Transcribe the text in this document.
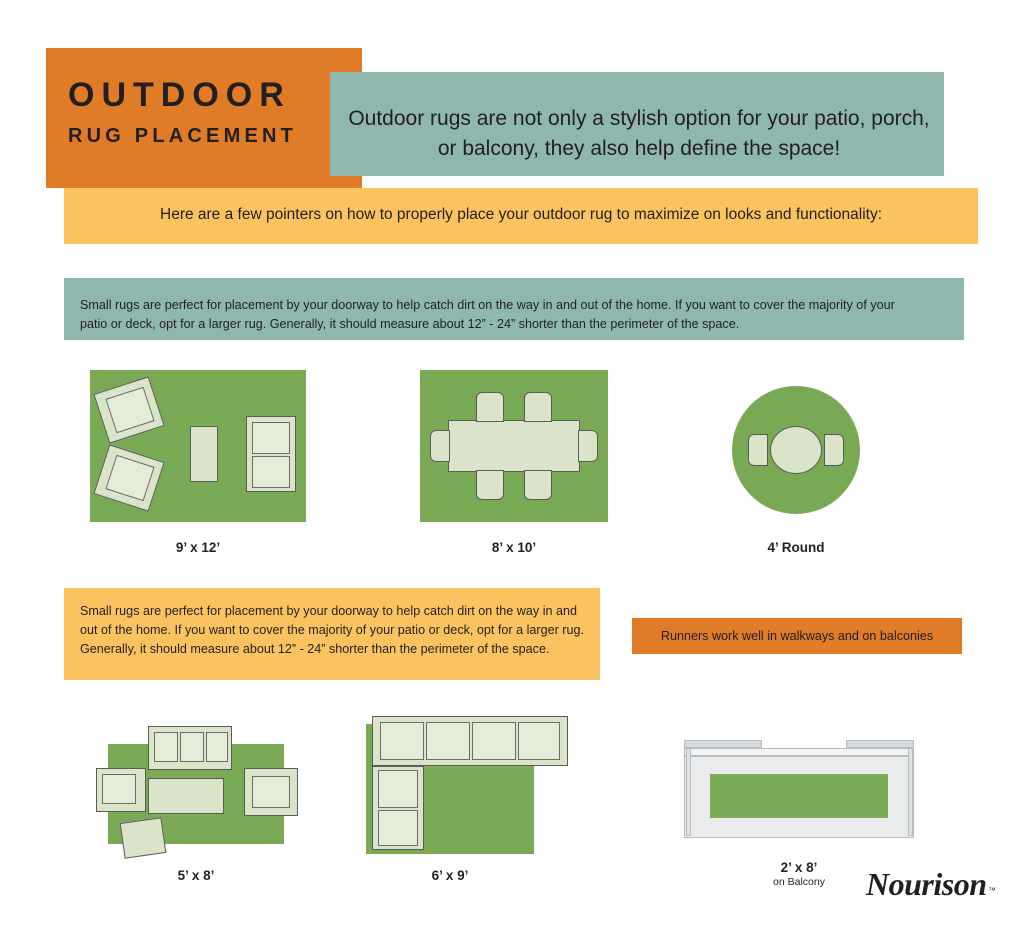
OUTDOOR
RUG PLACEMENT
Outdoor rugs are not only a stylish option for your patio, porch, or balcony, they also help define the space!
Here are a few pointers on how to properly place your outdoor rug to maximize on looks and functionality:
Small rugs are perfect for placement by your doorway to help catch dirt on the way in and out of the home. If you want to cover the majority of your patio or deck, opt for a larger rug. Generally, it should measure about 12” - 24” shorter than the perimeter of the space.
9’ x 12’	8’ x 10’	4’ Round
Small rugs are perfect for placement by your doorway to help catch dirt on the way in and out of the home. If you want to cover the majority of your patio or deck, opt for a larger rug. Generally, it should measure about 12” - 24” shorter than the perimeter of the space.
Runners work well in walkways and on balconies
5’ x 8’	6’ x 9’
2’ x 8’
on Balcony	Nourison ™
